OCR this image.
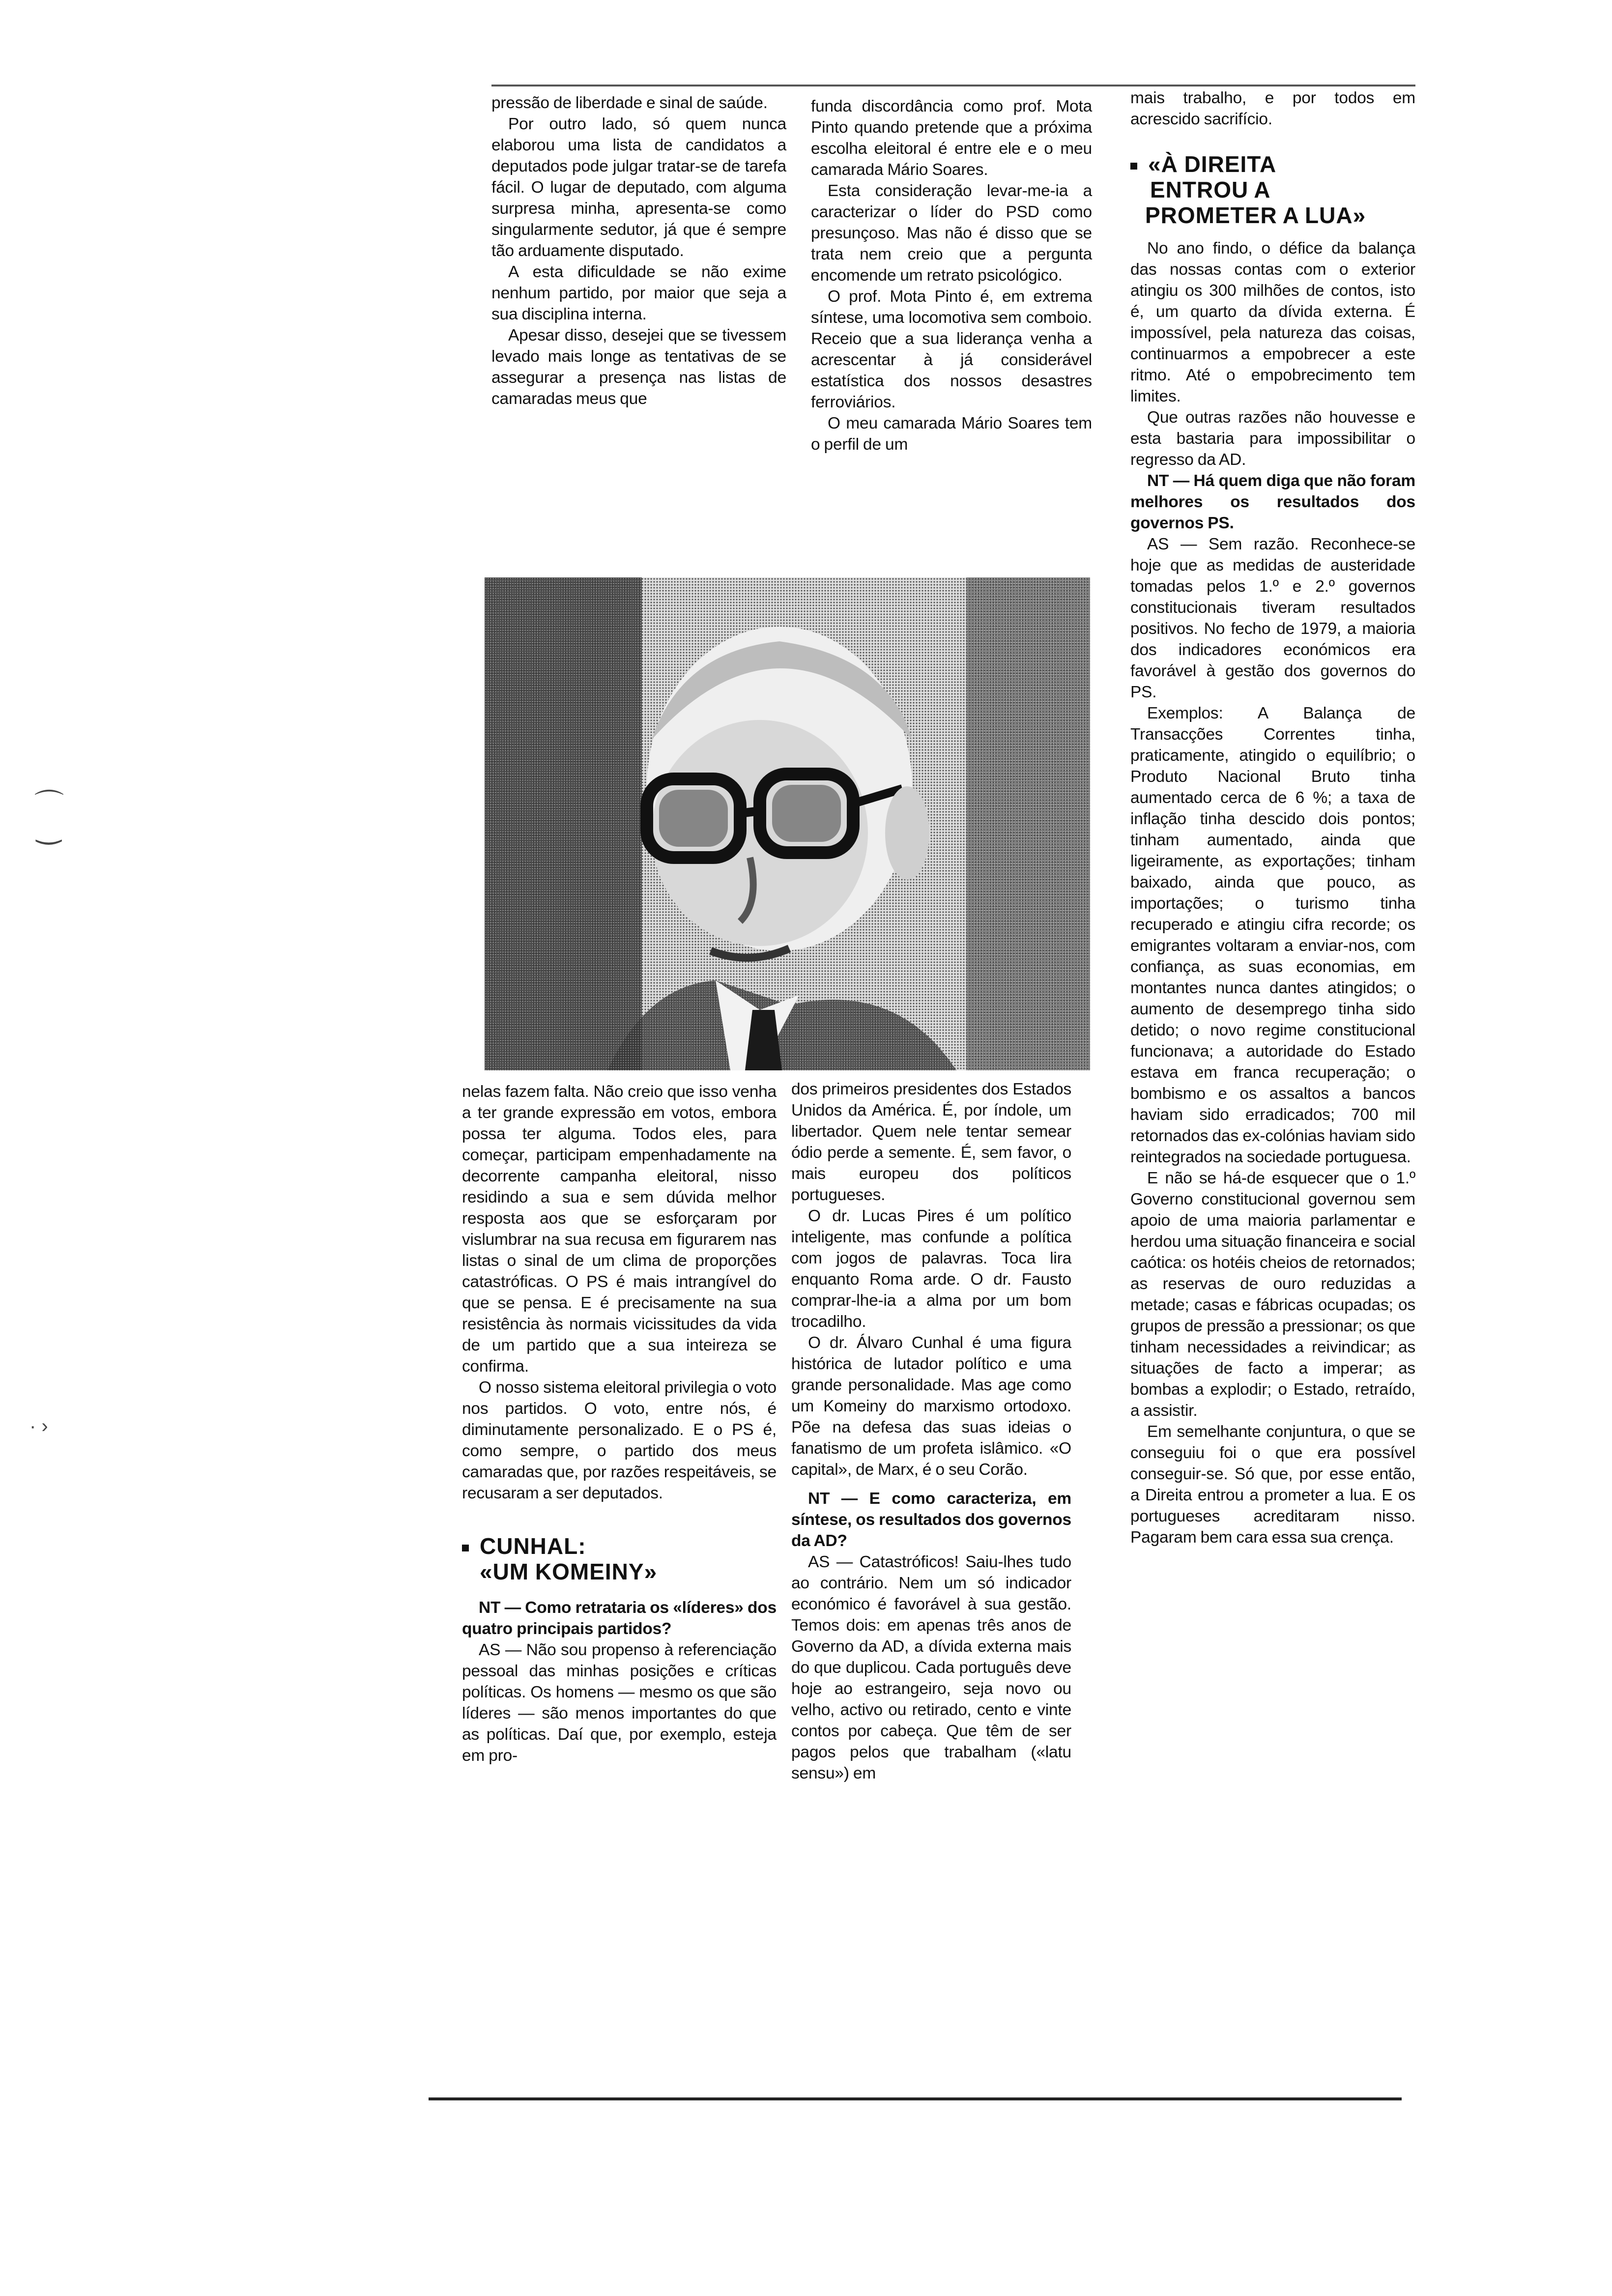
pressão de liberdade e sinal de saúde.

Por outro lado, só quem nunca elaborou uma lista de candidatos a deputados pode julgar tratar-se de tarefa fácil. O lugar de deputado, com alguma surpresa minha, apresenta-se como singularmente sedutor, já que é sempre tão arduamente disputado.

A esta dificuldade se não exime nenhum partido, por maior que seja a sua disciplina interna.

Apesar disso, desejei que se tivessem levado mais longe as tentativas de se assegurar a presença nas listas de camaradas meus que

funda discordância como prof. Mota Pinto quando pretende que a próxima escolha eleitoral é entre ele e o meu camarada Mário Soares.

Esta consideração levar-me-ia a caracterizar o líder do PSD como presunçoso. Mas não é disso que se trata nem creio que a pergunta encomende um retrato psicológico.

O prof. Mota Pinto é, em extrema síntese, uma locomotiva sem comboio. Receio que a sua liderança venha a acrescentar à já considerável estatística dos nossos desastres ferroviários.

O meu camarada Mário Soares tem o perfil de um

nelas fazem falta. Não creio que isso venha a ter grande expressão em votos, embora possa ter alguma. Todos eles, para começar, participam empenhadamente na decorrente campanha eleitoral, nisso residindo a sua e sem dúvida melhor resposta aos que se esforçaram por vislumbrar na sua recusa em figurarem nas listas o sinal de um clima de proporções catastróficas. O PS é mais intrangível do que se pensa. E é precisamente na sua resistência às normais vicissitudes da vida de um partido que a sua inteireza se confirma.

O nosso sistema eleitoral privilegia o voto nos partidos. O voto, entre nós, é diminutamente personalizado. E o PS é, como sempre, o partido dos meus camaradas que, por razões respeitáveis, se recusaram a ser deputados.

CUNHAL:
«UM KOMEINY»

NT — Como retrataria os «líderes» dos quatro principais partidos?

AS — Não sou propenso à referenciação pessoal das minhas posições e críticas políticas. Os homens — mesmo os que são líderes — são menos importantes do que as políticas. Daí que, por exemplo, esteja em pro-

dos primeiros presidentes dos Estados Unidos da América. É, por índole, um libertador. Quem nele tentar semear ódio perde a semente. É, sem favor, o mais europeu dos políticos portugueses.

O dr. Lucas Pires é um político inteligente, mas confunde a política com jogos de palavras. Toca lira enquanto Roma arde. O dr. Fausto comprar-lhe-ia a alma por um bom trocadilho.

O dr. Álvaro Cunhal é uma figura histórica de lutador político e uma grande personalidade. Mas age como um Komeiny do marxismo ortodoxo. Põe na defesa das suas ideias o fanatismo de um profeta islâmico. «O capital», de Marx, é o seu Corão.

NT — E como caracteriza, em síntese, os resultados dos governos da AD?

AS — Catastróficos! Saiu-lhes tudo ao contrário. Nem um só indicador económico é favorável à sua gestão. Temos dois: em apenas três anos de Governo da AD, a dívida externa mais do que duplicou. Cada português deve hoje ao estrangeiro, seja novo ou velho, activo ou retirado, cento e vinte contos por cabeça. Que têm de ser pagos pelos que trabalham («latu sensu») em

mais trabalho, e por todos em acrescido sacrifício.

«À DIREITA
ENTROU A
PROMETER A LUA»

No ano findo, o défice da balança das nossas contas com o exterior atingiu os 300 milhões de contos, isto é, um quarto da dívida externa. É impossível, pela natureza das coisas, continuarmos a empobrecer a este ritmo. Até o empobrecimento tem limites.

Que outras razões não houvesse e esta bastaria para impossibilitar o regresso da AD.

NT — Há quem diga que não foram melhores os resultados dos governos PS.

AS — Sem razão. Reconhece-se hoje que as medidas de austeridade tomadas pelos 1.º e 2.º governos constitucionais tiveram resultados positivos. No fecho de 1979, a maioria dos indicadores económicos era favorável à gestão dos governos do PS.

Exemplos: A Balança de Transacções Correntes tinha, praticamente, atingido o equilíbrio; o Produto Nacional Bruto tinha aumentado cerca de 6 %; a taxa de inflação tinha descido dois pontos; tinham aumentado, ainda que ligeiramente, as exportações; tinham baixado, ainda que pouco, as importações; o turismo tinha recuperado e atingiu cifra recorde; os emigrantes voltaram a enviar-nos, com confiança, as suas economias, em montantes nunca dantes atingidos; o aumento de desemprego tinha sido detido; o novo regime constitucional funcionava; a autoridade do Estado estava em franca recuperação; o bombismo e os assaltos a bancos haviam sido erradicados; 700 mil retornados das ex-colónias haviam sido reintegrados na sociedade portuguesa.

E não se há-de esquecer que o 1.º Governo constitucional governou sem apoio de uma maioria parlamentar e herdou uma situação financeira e social caótica: os hotéis cheios de retornados; as reservas de ouro reduzidas a metade; casas e fábricas ocupadas; os grupos de pressão a pressionar; os que tinham necessidades a reivindicar; as situações de facto a imperar; as bombas a explodir; o Estado, retraído, a assistir.

Em semelhante conjuntura, o que se conseguiu foi o que era possível conseguir-se. Só que, por esse então, a Direita entrou a prometer a lua. E os portugueses acreditaram nisso. Pagaram bem cara essa sua crença.

⌒
‿
· ›
